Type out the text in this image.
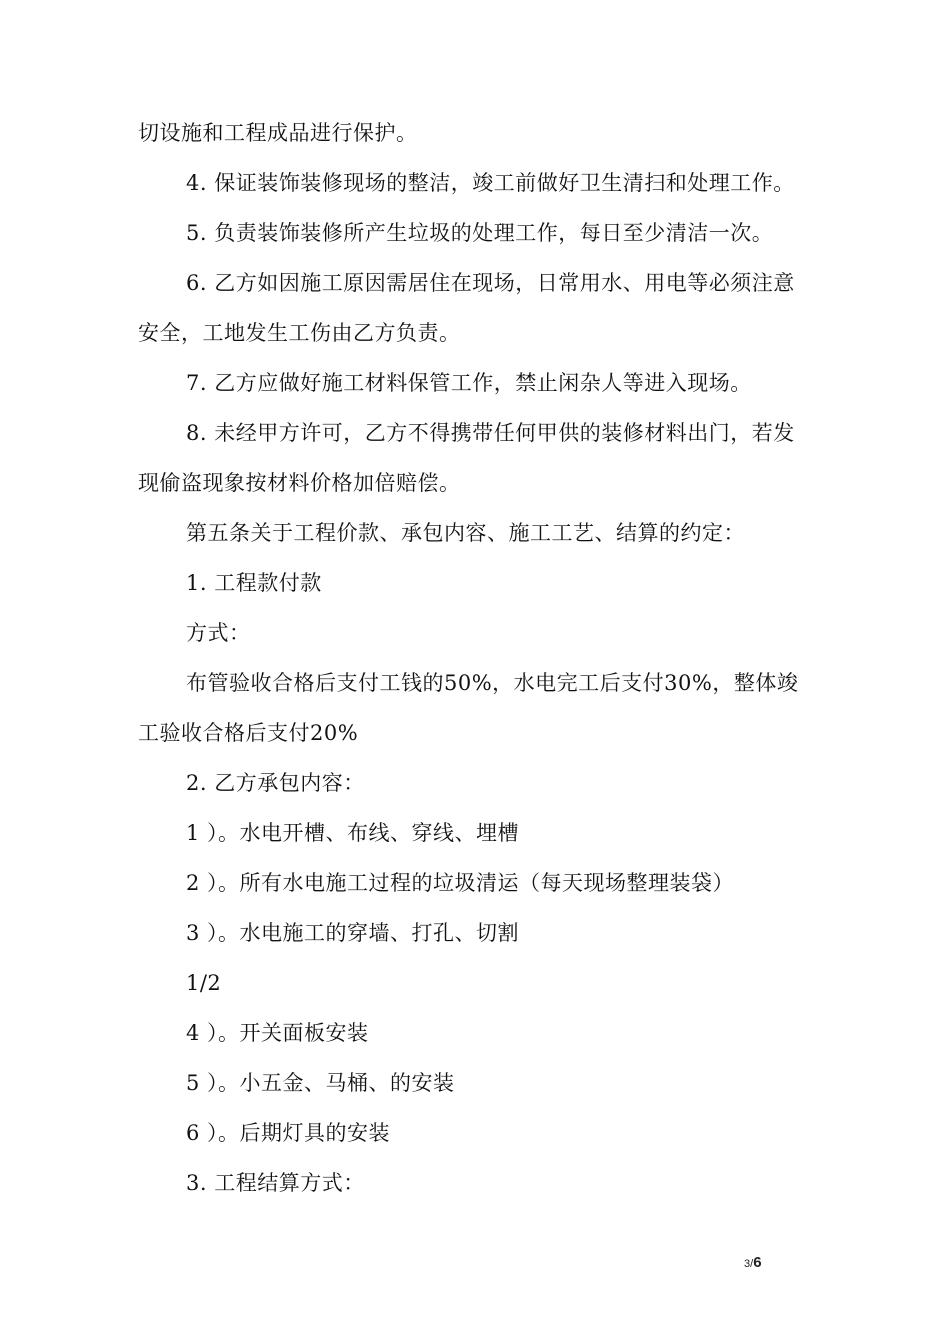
切设施和工程成品进行保护。
4. 保证装饰装修现场的整洁，竣工前做好卫生清扫和处理工作。
5. 负责装饰装修所产生垃圾的处理工作，每日至少清洁一次。
6. 乙方如因施工原因需居住在现场，日常用水、用电等必须注意
安全，工地发生工伤由乙方负责。
7. 乙方应做好施工材料保管工作，禁止闲杂人等进入现场。
8. 未经甲方许可，乙方不得携带任何甲供的装修材料出门，若发
现偷盗现象按材料价格加倍赔偿。
第五条关于工程价款、承包内容、施工工艺、结算的约定：
1. 工程款付款
方式：
布管验收合格后支付工钱的50%，水电完工后支付30%，整体竣
工验收合格后支付20%
2. 乙方承包内容：
1 ）。水电开槽、布线、穿线、埋槽
2 ）。所有水电施工过程的垃圾清运（每天现场整理装袋）
3 ）。水电施工的穿墙、打孔、切割
1/2
4 ）。开关面板安装
5 ）。小五金、马桶、的安装
6 ）。后期灯具的安装
3. 工程结算方式：
3/6
